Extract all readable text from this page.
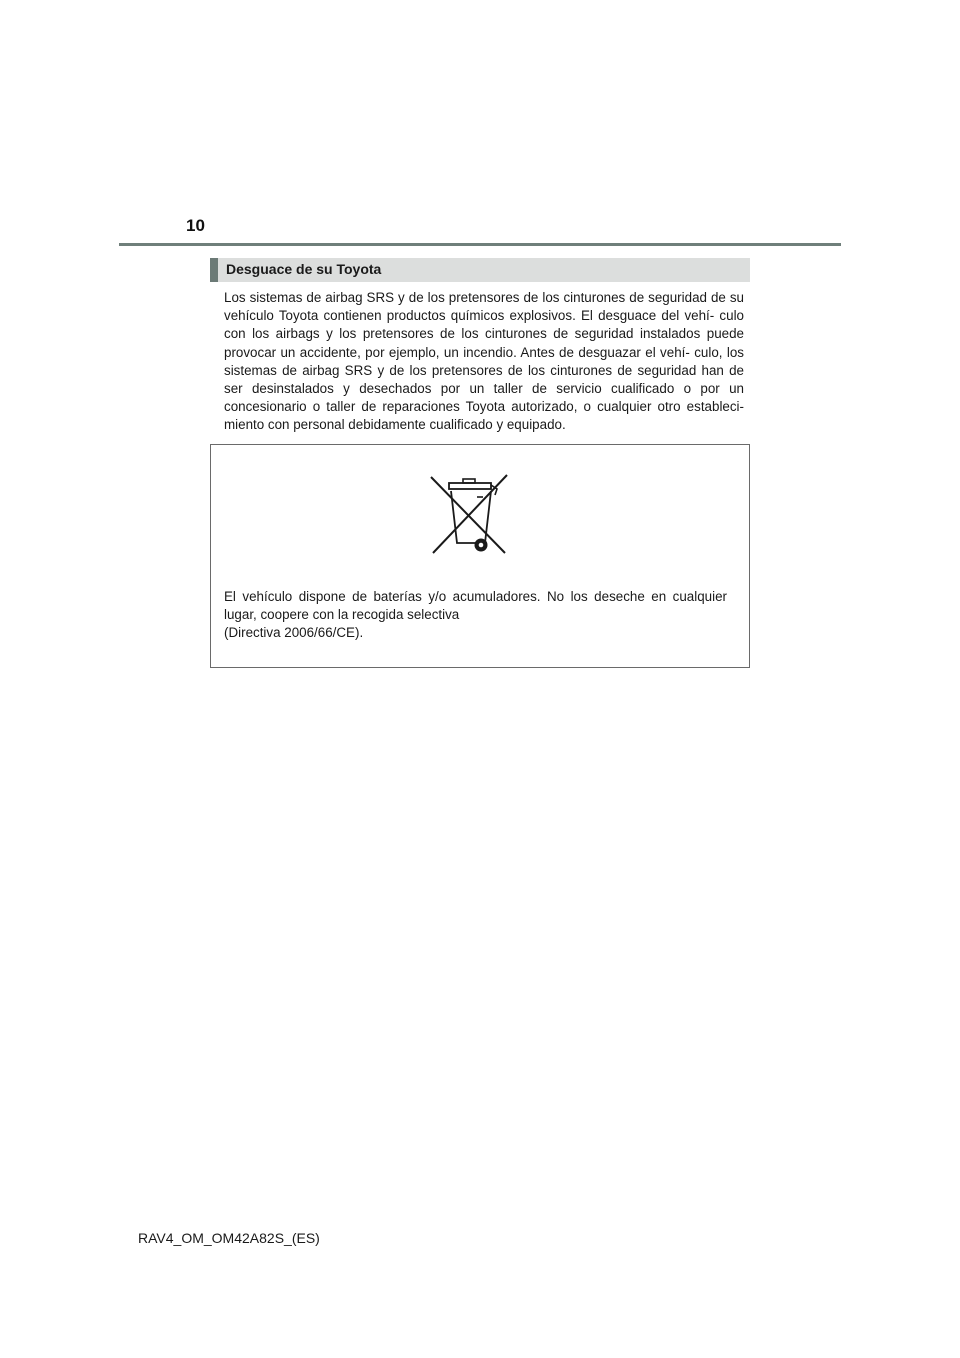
10
Desguace de su Toyota

Los sistemas de airbag SRS y de los pretensores de los cinturones de seguridad de su vehículo Toyota contienen productos químicos explosivos. El desguace del vehí- culo con los airbags y los pretensores de los cinturones de seguridad instalados puede provocar un accidente, por ejemplo, un incendio. Antes de desguazar el vehí- culo, los sistemas de airbag SRS y de los pretensores de los cinturones de seguridad han de ser desinstalados y desechados por un taller de servicio cualificado o por un concesionario o taller de reparaciones Toyota autorizado, o cualquier otro estableci- miento con personal debidamente cualificado y equipado.

El vehículo dispone de baterías y/o acumuladores. No los deseche en cualquier
lugar, coopere con la recogida selectiva
(Directiva 2006/66/CE).

RAV4_OM_OM42A82S_(ES)
